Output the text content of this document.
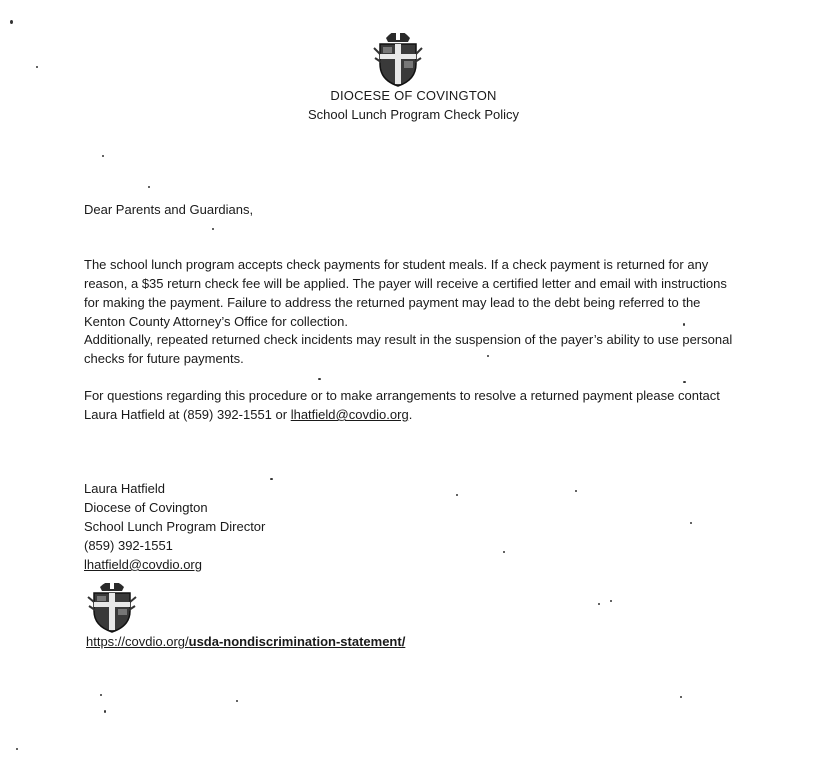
DIOCESE OF COVINGTON
School Lunch Program Check Policy
Dear Parents and Guardians,
The school lunch program accepts check payments for student meals. If a check payment is returned for any reason, a $35 return check fee will be applied. The payer will receive a certified letter and email with instructions for making the payment. Failure to address the returned payment may lead to the debt being referred to the Kenton County Attorney’s Office for collection.
Additionally, repeated returned check incidents may result in the suspension of the payer’s ability to use personal checks for future payments.
For questions regarding this procedure or to make arrangements to resolve a returned payment please contact Laura Hatfield at (859) 392-1551 or lhatfield@covdio.org.
Laura Hatfield
Diocese of Covington
School Lunch Program Director
(859) 392-1551
lhatfield@covdio.org
https://covdio.org/usda-nondiscrimination-statement/
